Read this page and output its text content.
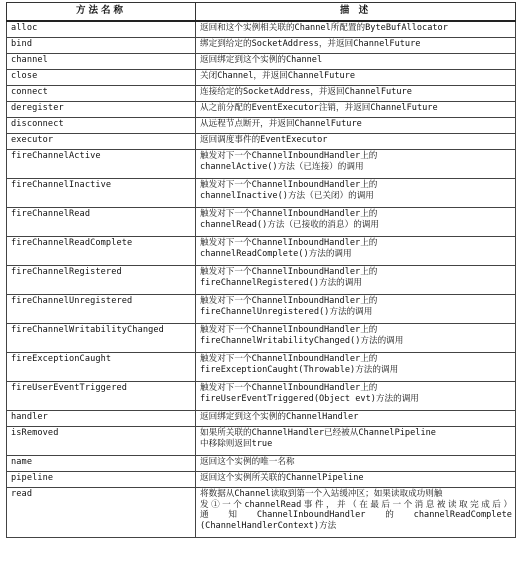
方法名称	描 述
alloc	返回和这个实例相关联的Channel所配置的ByteBufAllocator

bind	绑定到给定的SocketAddress，并返回ChannelFuture

channel	返回绑定到这个实例的Channel

close	关闭Channel，并返回ChannelFuture

connect	连接给定的SocketAddress，并返回ChannelFuture

deregister	从之前分配的EventExecutor注销，并返回ChannelFuture

disconnect	从远程节点断开，并返回ChannelFuture

executor	返回调度事件的EventExecutor

fireChannelActive	触发对下一个ChannelInboundHandler上的
channelActive()方法（已连接）的调用

fireChannelInactive	触发对下一个ChannelInboundHandler上的
channelInactive()方法（已关闭）的调用

fireChannelRead	触发对下一个ChannelInboundHandler上的
channelRead()方法（已接收的消息）的调用

fireChannelReadComplete	触发对下一个ChannelInboundHandler上的
channelReadComplete()方法的调用

fireChannelRegistered	触发对下一个ChannelInboundHandler上的
fireChannelRegistered()方法的调用

fireChannelUnregistered	触发对下一个ChannelInboundHandler上的
fireChannelUnregistered()方法的调用

fireChannelWritabilityChanged	触发对下一个ChannelInboundHandler上的
fireChannelWritabilityChanged()方法的调用

fireExceptionCaught	触发对下一个ChannelInboundHandler上的
fireExceptionCaught(Throwable)方法的调用

fireUserEventTriggered	触发对下一个ChannelInboundHandler上的
fireUserEventTriggered(Object evt)方法的调用

handler	返回绑定到这个实例的ChannelHandler

isRemoved	如果所关联的ChannelHandler已经被从ChannelPipeline
中移除则返回true

name	返回这个实例的唯一名称

pipeline	返回这个实例所关联的ChannelPipeline

read	将数据从Channel读取到第一个入站缓冲区；如果读取成功则触
发①一个channelRead事件，并（在最后一个消息被读取完成后）
通知ChannelInboundHandler的channelReadComplete
(ChannelHandlerContext)方法
